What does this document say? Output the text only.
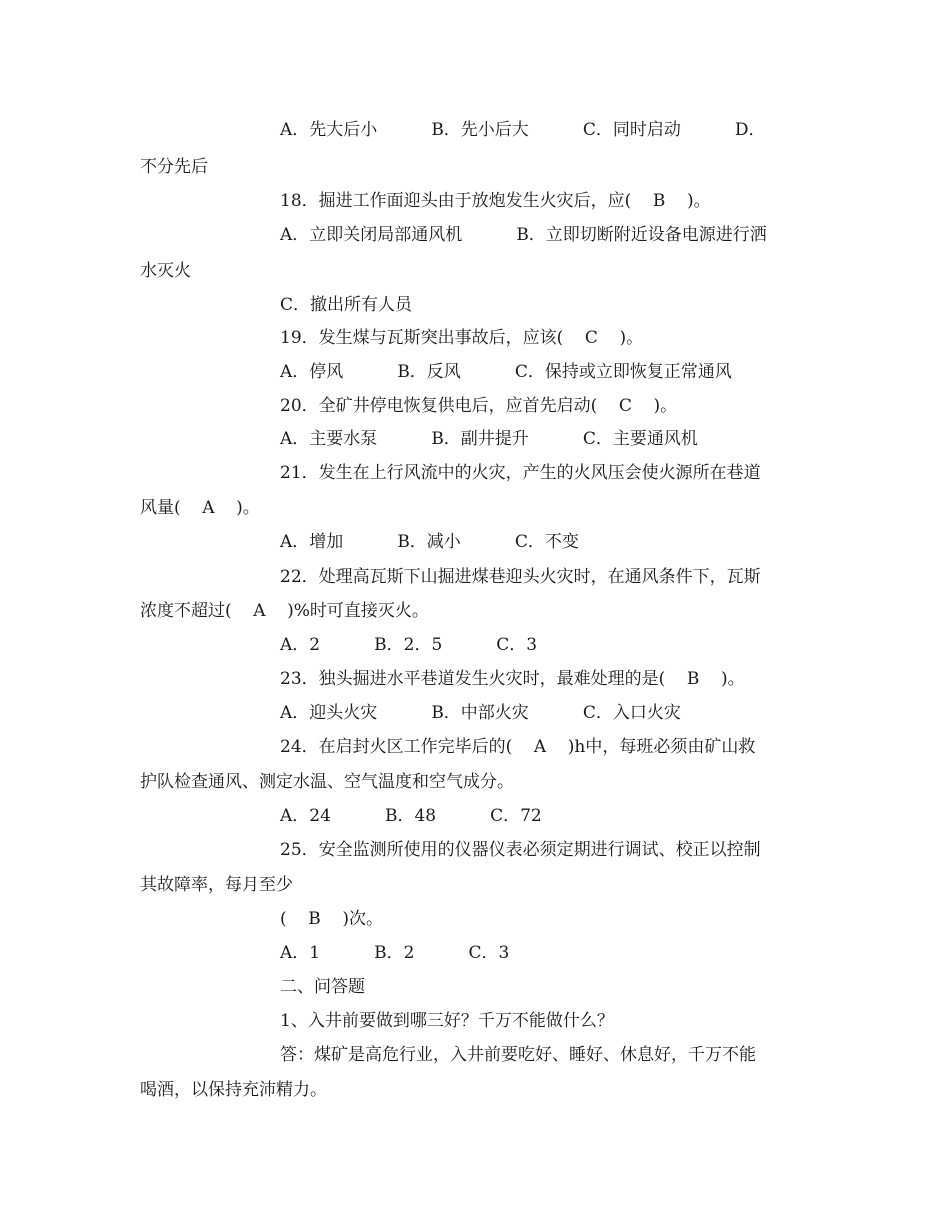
A．先大后小          B．先小后大          C．同时启动          D．
不分先后
18．掘进工作面迎头由于放炮发生火灾后，应(    B    )。
A．立即关闭局部通风机          B．立即切断附近设备电源进行洒
水灭火
C．撤出所有人员
19．发生煤与瓦斯突出事故后，应该(    C    )。
A．停风          B．反风          C．保持或立即恢复正常通风
20．全矿井停电恢复供电后，应首先启动(    C    )。
A．主要水泵          B．副井提升          C．主要通风机
21．发生在上行风流中的火灾，产生的火风压会使火源所在巷道
风量(    A    )。
A．增加          B．减小          C．不变
22．处理高瓦斯下山掘进煤巷迎头火灾时，在通风条件下，瓦斯
浓度不超过(    A    )%时可直接灭火。
A．2          B．2．5          C．3
23．独头掘进水平巷道发生火灾时，最难处理的是(    B    )。
A．迎头火灾          B．中部火灾          C．入口火灾
24．在启封火区工作完毕后的(    A    )h中，每班必须由矿山救
护队检查通风、测定水温、空气温度和空气成分。
A．24          B．48          C．72
25．安全监测所使用的仪器仪表必须定期进行调试、校正以控制
其故障率，每月至少
(    B    )次。
A．1          B．2          C．3
二、问答题
1、入井前要做到哪三好？千万不能做什么？
答：煤矿是高危行业，入井前要吃好、睡好、休息好，千万不能
喝酒，以保持充沛精力。
